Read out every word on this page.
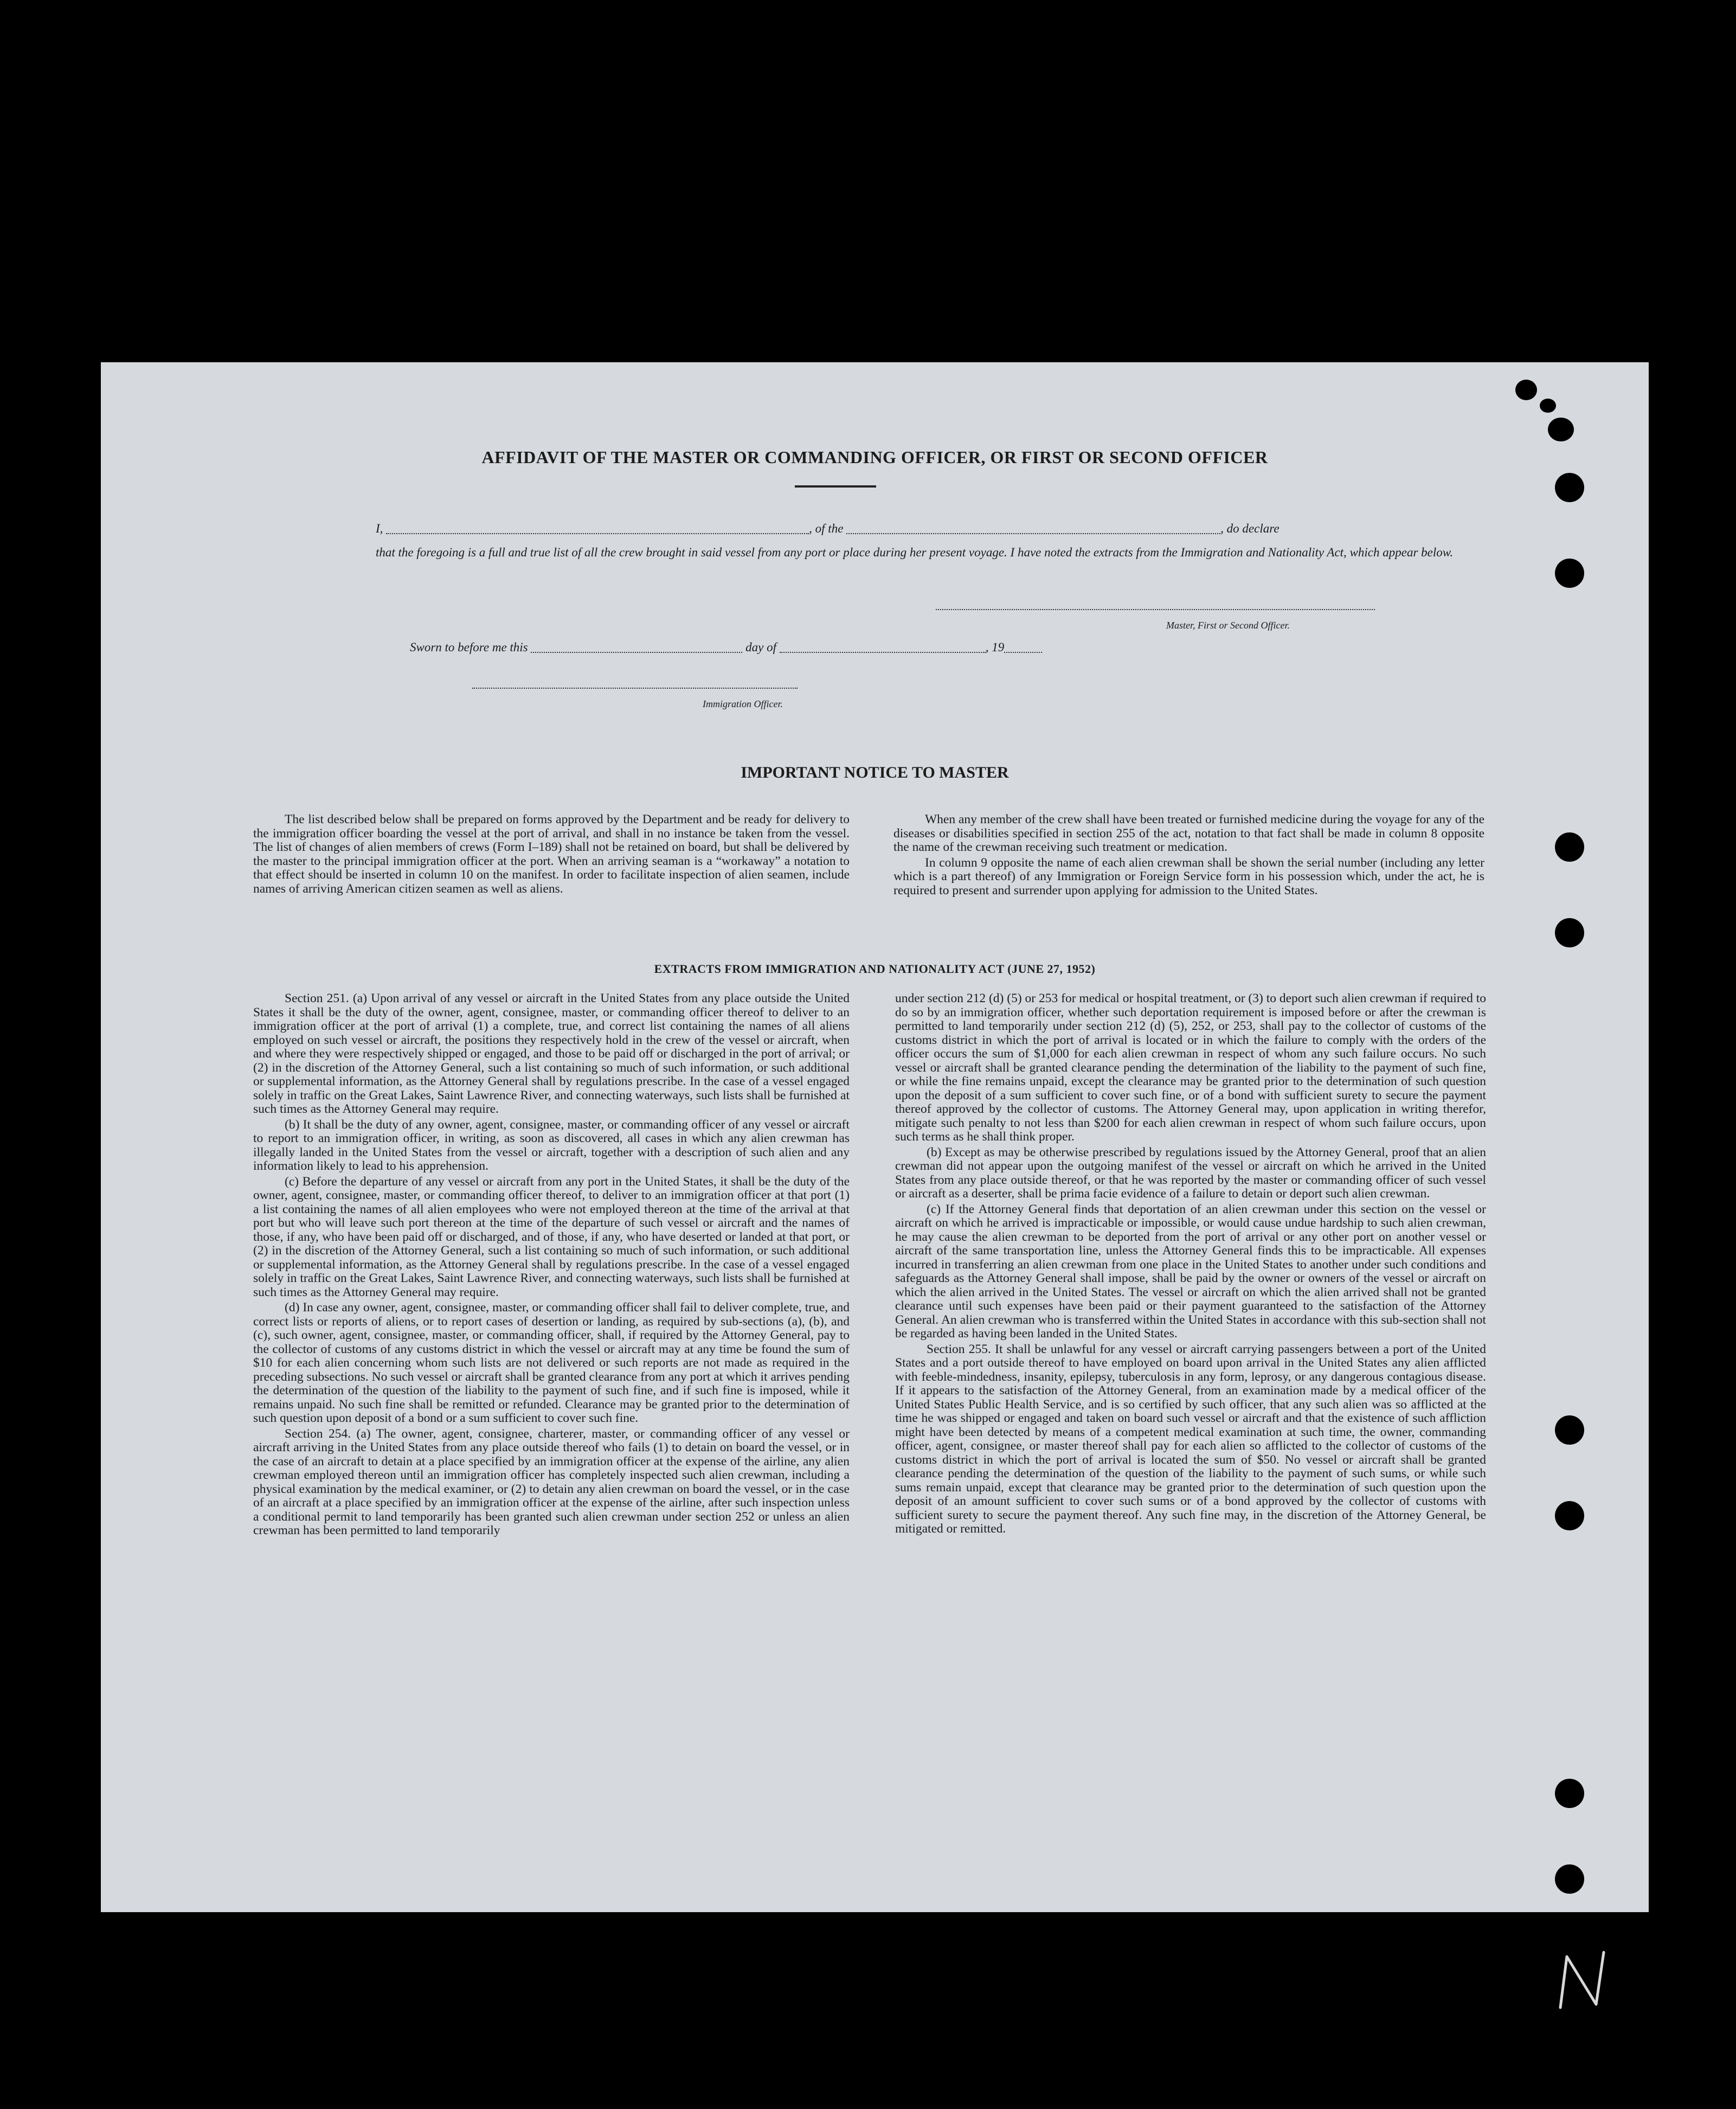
AFFIDAVIT OF THE MASTER OR COMMANDING OFFICER, OR FIRST OR SECOND OFFICER
I,	, of the	, do declare
that the foregoing is a full and true list of all the crew brought in said vessel from any port or place during her present voyage. I have noted the extracts from the Immigration and Nationality Act, which appear below.
Master, First or Second Officer.
Sworn to before me this	day of	, 19
Immigration Officer.
IMPORTANT NOTICE TO MASTER

The list described below shall be prepared on forms approved by the Department and be ready for delivery to the immigration officer boarding the vessel at the port of arrival, and shall in no instance be taken from the vessel. The list of changes of alien members of crews (Form I–189) shall not be retained on board, but shall be delivered by the master to the principal immigration officer at the port. When an arriving seaman is a “workaway” a notation to that effect should be inserted in column 10 on the manifest. In order to facilitate inspection of alien seamen, include names of arriving American citizen seamen as well as aliens.

When any member of the crew shall have been treated or furnished medicine during the voyage for any of the diseases or disabilities specified in section 255 of the act, notation to that fact shall be made in column 8 opposite the name of the crewman receiving such treatment or medication.

In column 9 opposite the name of each alien crewman shall be shown the serial number (including any letter which is a part thereof) of any Immigration or Foreign Service form in his possession which, under the act, he is required to present and surrender upon applying for admission to the United States.

EXTRACTS FROM IMMIGRATION AND NATIONALITY ACT (JUNE 27, 1952)

Section 251. (a) Upon arrival of any vessel or aircraft in the United States from any place outside the United States it shall be the duty of the owner, agent, consignee, master, or commanding officer thereof to deliver to an immigration officer at the port of arrival (1) a complete, true, and correct list containing the names of all aliens employed on such vessel or aircraft, the positions they respectively hold in the crew of the vessel or aircraft, when and where they were respectively shipped or engaged, and those to be paid off or discharged in the port of arrival; or (2) in the discretion of the Attorney General, such a list containing so much of such information, or such additional or supplemental information, as the Attorney General shall by regulations prescribe. In the case of a vessel engaged solely in traffic on the Great Lakes, Saint Lawrence River, and connecting waterways, such lists shall be furnished at such times as the Attorney General may require.

(b) It shall be the duty of any owner, agent, consignee, master, or commanding officer of any vessel or aircraft to report to an immigration officer, in writing, as soon as discovered, all cases in which any alien crewman has illegally landed in the United States from the vessel or aircraft, together with a description of such alien and any information likely to lead to his apprehension.

(c) Before the departure of any vessel or aircraft from any port in the United States, it shall be the duty of the owner, agent, consignee, master, or commanding officer thereof, to deliver to an immigration officer at that port (1) a list containing the names of all alien employees who were not employed thereon at the time of the arrival at that port but who will leave such port thereon at the time of the departure of such vessel or aircraft and the names of those, if any, who have been paid off or discharged, and of those, if any, who have deserted or landed at that port, or (2) in the discretion of the Attorney General, such a list containing so much of such information, or such additional or supplemental information, as the Attorney General shall by regulations prescribe. In the case of a vessel engaged solely in traffic on the Great Lakes, Saint Lawrence River, and connecting waterways, such lists shall be furnished at such times as the Attorney General may require.

(d) In case any owner, agent, consignee, master, or commanding officer shall fail to deliver complete, true, and correct lists or reports of aliens, or to report cases of desertion or landing, as required by sub-sections (a), (b), and (c), such owner, agent, consignee, master, or commanding officer, shall, if required by the Attorney General, pay to the collector of customs of any customs district in which the vessel or aircraft may at any time be found the sum of $10 for each alien concerning whom such lists are not delivered or such reports are not made as required in the preceding subsections. No such vessel or aircraft shall be granted clearance from any port at which it arrives pending the determination of the question of the liability to the payment of such fine, and if such fine is imposed, while it remains unpaid. No such fine shall be remitted or refunded. Clearance may be granted prior to the determination of such question upon deposit of a bond or a sum sufficient to cover such fine.

Section 254. (a) The owner, agent, consignee, charterer, master, or commanding officer of any vessel or aircraft arriving in the United States from any place outside thereof who fails (1) to detain on board the vessel, or in the case of an aircraft to detain at a place specified by an immigration officer at the expense of the airline, any alien crewman employed thereon until an immigration officer has completely inspected such alien crewman, including a physical examination by the medical examiner, or (2) to detain any alien crewman on board the vessel, or in the case of an aircraft at a place specified by an immigration officer at the expense of the airline, after such inspection unless a conditional permit to land temporarily has been granted such alien crewman under section 252 or unless an alien crewman has been permitted to land temporarily

under section 212 (d) (5) or 253 for medical or hospital treatment, or (3) to deport such alien crewman if required to do so by an immigration officer, whether such deportation requirement is imposed before or after the crewman is permitted to land temporarily under section 212 (d) (5), 252, or 253, shall pay to the collector of customs of the customs district in which the port of arrival is located or in which the failure to comply with the orders of the officer occurs the sum of $1,000 for each alien crewman in respect of whom any such failure occurs. No such vessel or aircraft shall be granted clearance pending the determination of the liability to the payment of such fine, or while the fine remains unpaid, except the clearance may be granted prior to the determination of such question upon the deposit of a sum sufficient to cover such fine, or of a bond with sufficient surety to secure the payment thereof approved by the collector of customs. The Attorney General may, upon application in writing therefor, mitigate such penalty to not less than $200 for each alien crewman in respect of whom such failure occurs, upon such terms as he shall think proper.

(b) Except as may be otherwise prescribed by regulations issued by the Attorney General, proof that an alien crewman did not appear upon the outgoing manifest of the vessel or aircraft on which he arrived in the United States from any place outside thereof, or that he was reported by the master or commanding officer of such vessel or aircraft as a deserter, shall be prima facie evidence of a failure to detain or deport such alien crewman.

(c) If the Attorney General finds that deportation of an alien crewman under this section on the vessel or aircraft on which he arrived is impracticable or impossible, or would cause undue hardship to such alien crewman, he may cause the alien crewman to be deported from the port of arrival or any other port on another vessel or aircraft of the same transportation line, unless the Attorney General finds this to be impracticable. All expenses incurred in transferring an alien crewman from one place in the United States to another under such conditions and safeguards as the Attorney General shall impose, shall be paid by the owner or owners of the vessel or aircraft on which the alien arrived in the United States. The vessel or aircraft on which the alien arrived shall not be granted clearance until such expenses have been paid or their payment guaranteed to the satisfaction of the Attorney General. An alien crewman who is transferred within the United States in accordance with this sub-section shall not be regarded as having been landed in the United States.

Section 255. It shall be unlawful for any vessel or aircraft carrying passengers between a port of the United States and a port outside thereof to have employed on board upon arrival in the United States any alien afflicted with feeble-mindedness, insanity, epilepsy, tuberculosis in any form, leprosy, or any dangerous contagious disease. If it appears to the satisfaction of the Attorney General, from an examination made by a medical officer of the United States Public Health Service, and is so certified by such officer, that any such alien was so afflicted at the time he was shipped or engaged and taken on board such vessel or aircraft and that the existence of such affliction might have been detected by means of a competent medical examination at such time, the owner, commanding officer, agent, consignee, or master thereof shall pay for each alien so afflicted to the collector of customs of the customs district in which the port of arrival is located the sum of $50. No vessel or aircraft shall be granted clearance pending the determination of the question of the liability to the payment of such sums, or while such sums remain unpaid, except that clearance may be granted prior to the determination of such question upon the deposit of an amount sufficient to cover such sums or of a bond approved by the collector of customs with sufficient surety to secure the payment thereof. Any such fine may, in the discretion of the Attorney General, be mitigated or remitted.
